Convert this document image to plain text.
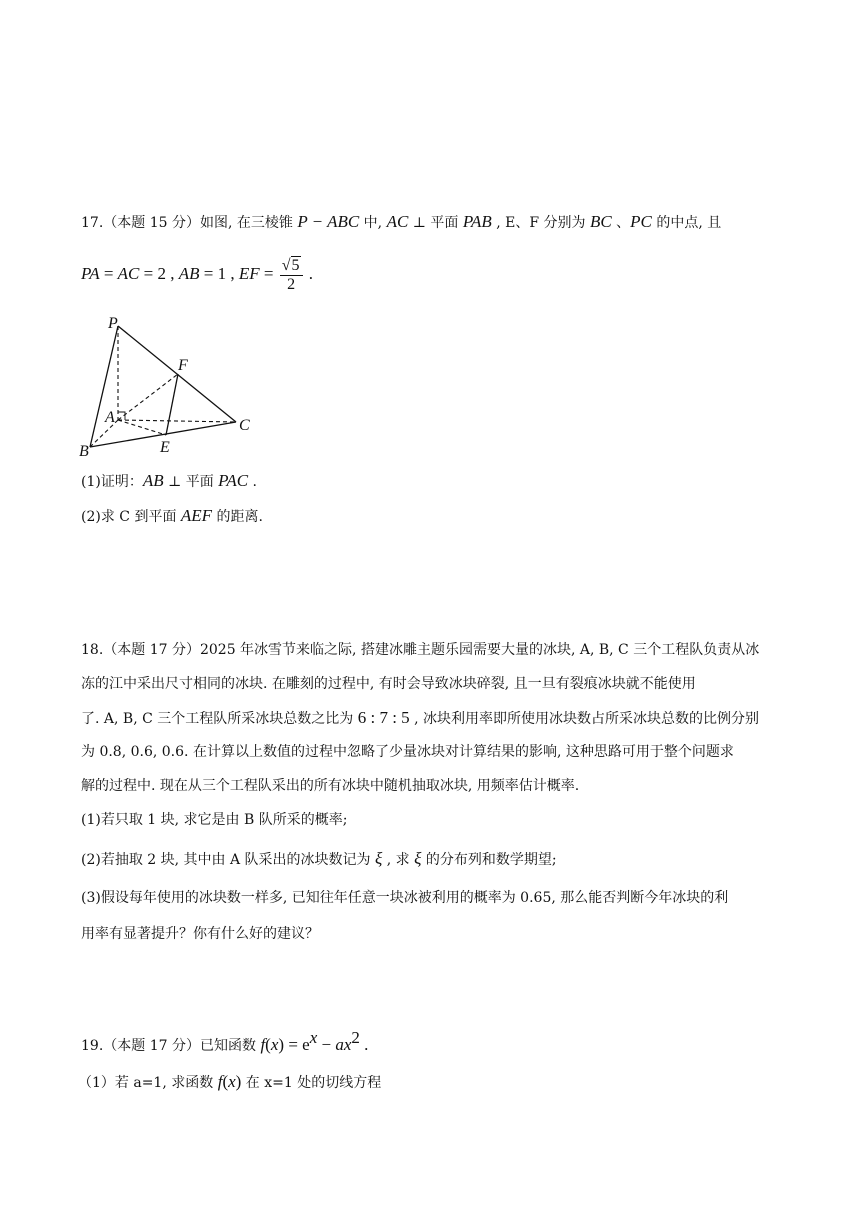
17.（本题 15 分）如图, 在三棱锥 P − ABC 中, AC ⊥ 平面 PAB , E、F 分别为 BC 、PC 的中点, 且
PA = AC = 2 , AB = 1 , EF = $\frac{√5}{2}$ .
P
F
A	C
B	E
(1)证明：AB ⊥ 平面 PAC .
(2)求 C 到平面 AEF 的距离.
18.（本题 17 分）2025 年冰雪节来临之际, 搭建冰雕主题乐园需要大量的冰块, A, B, C 三个工程队负责从冰
冻的江中采出尺寸相同的冰块. 在雕刻的过程中, 有时会导致冰块碎裂, 且一旦有裂痕冰块就不能使用
了. A, B, C 三个工程队所采冰块总数之比为 6 : 7 : 5 , 冰块利用率即所使用冰块数占所采冰块总数的比例分别
为 0.8, 0.6, 0.6. 在计算以上数值的过程中忽略了少量冰块对计算结果的影响, 这种思路可用于整个问题求
解的过程中. 现在从三个工程队采出的所有冰块中随机抽取冰块, 用频率估计概率.
(1)若只取 1 块, 求它是由 B 队所采的概率;
(2)若抽取 2 块, 其中由 A 队采出的冰块数记为 ξ , 求 ξ 的分布列和数学期望;
(3)假设每年使用的冰块数一样多, 已知往年任意一块冰被利用的概率为 0.65, 那么能否判断今年冰块的利
用率有显著提升？你有什么好的建议？
19.（本题 17 分）已知函数 $f(x) = e^x - ax^2$ .
（1）若 a=1, 求函数 f(x) 在 x=1 处的切线方程
